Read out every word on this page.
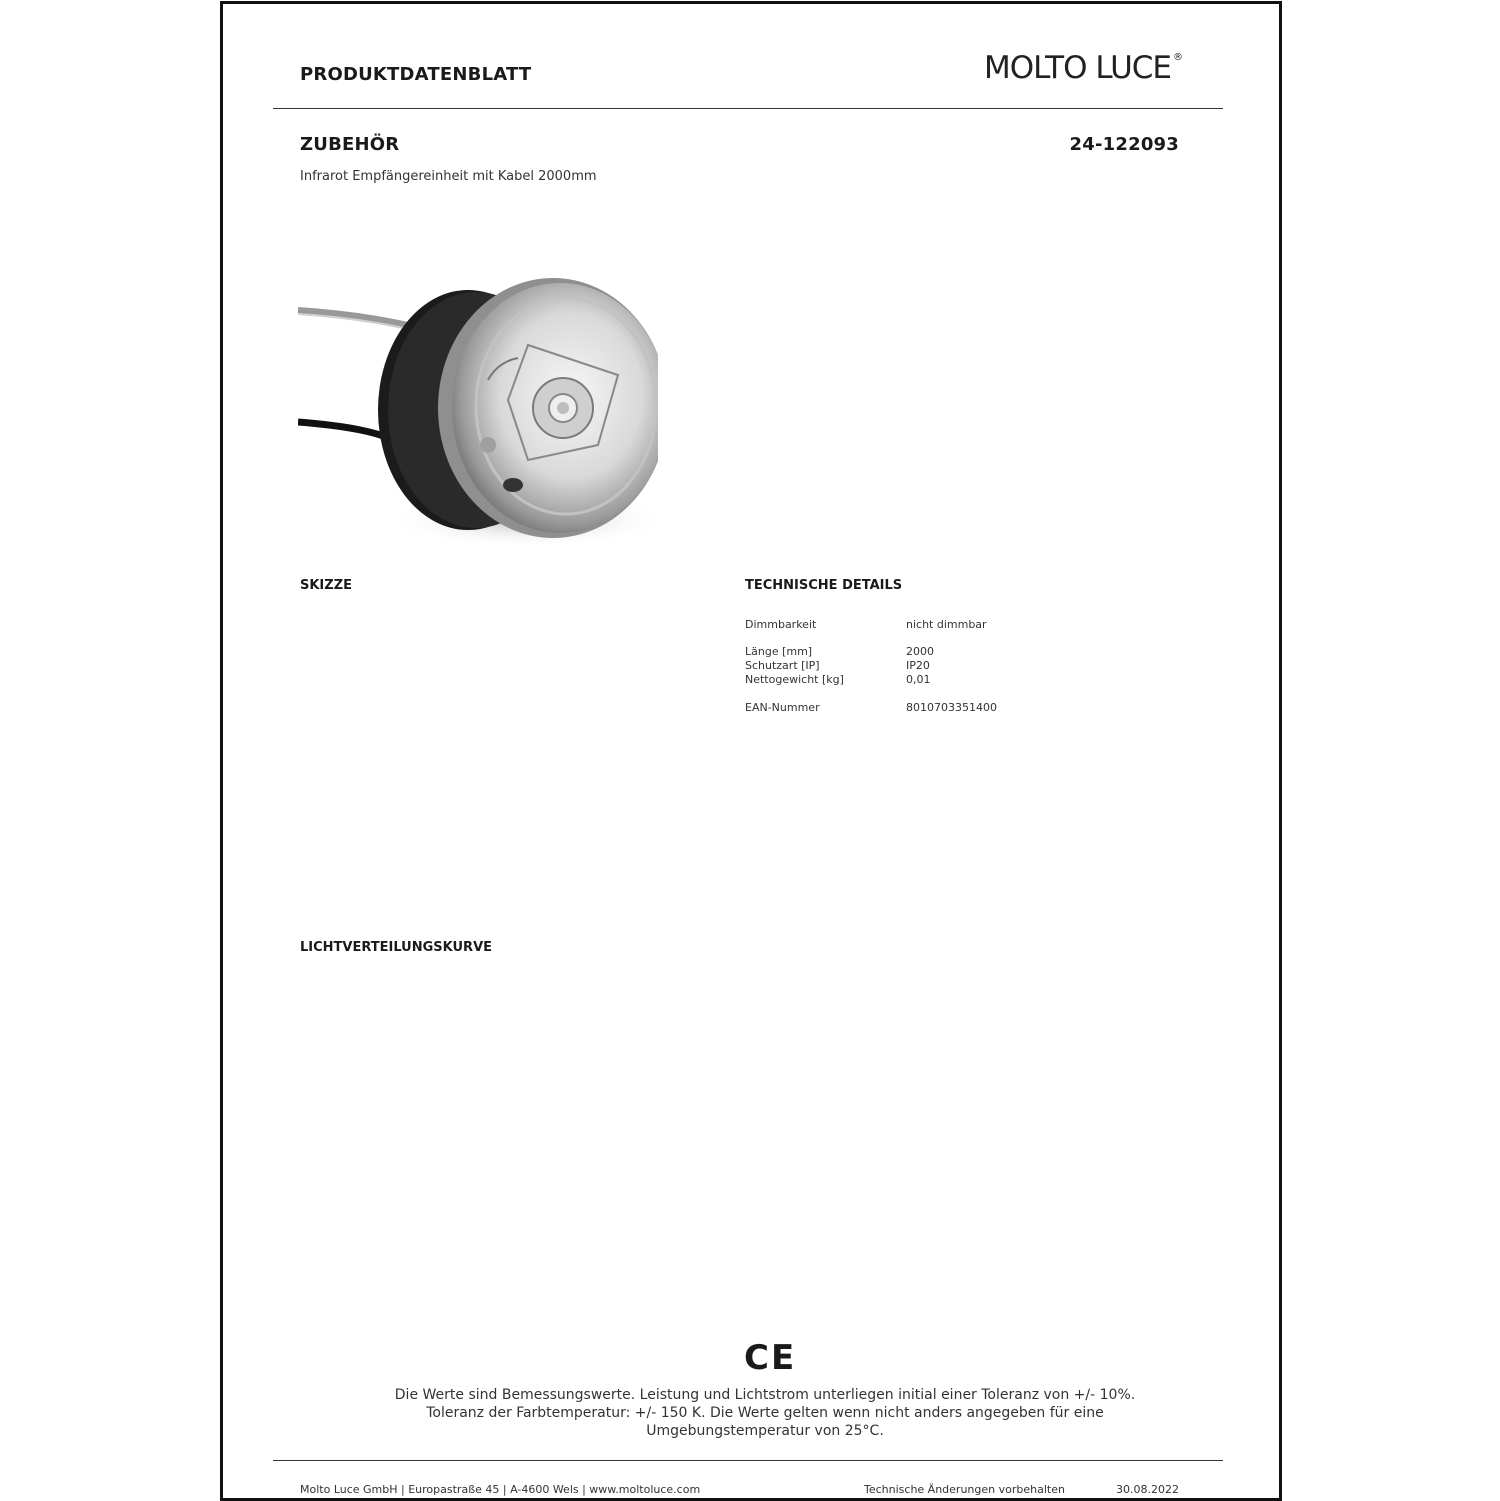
PRODUKTDATENBLATT	MOLTO LUCE ®
ZUBEHÖR	24-122093
Infrarot Empfängereinheit mit Kabel 2000mm
SKIZZE	TECHNISCHE DETAILS
Dimmbarkeit	nicht dimmbar
Länge [mm]	2000
Schutzart [IP]	IP20
Nettogewicht [kg]	0,01
EAN-Nummer	8010703351400
LICHTVERTEILUNGSKURVE
CE
Die Werte sind Bemessungswerte. Leistung und Lichtstrom unterliegen initial einer Toleranz von +/- 10%.
Toleranz der Farbtemperatur: +/- 150 K. Die Werte gelten wenn nicht anders angegeben für eine
Umgebungstemperatur von 25°C.
Molto Luce GmbH | Europastraße 45 | A-4600 Wels | www.moltoluce.com	Technische Änderungen vorbehalten	30.08.2022
